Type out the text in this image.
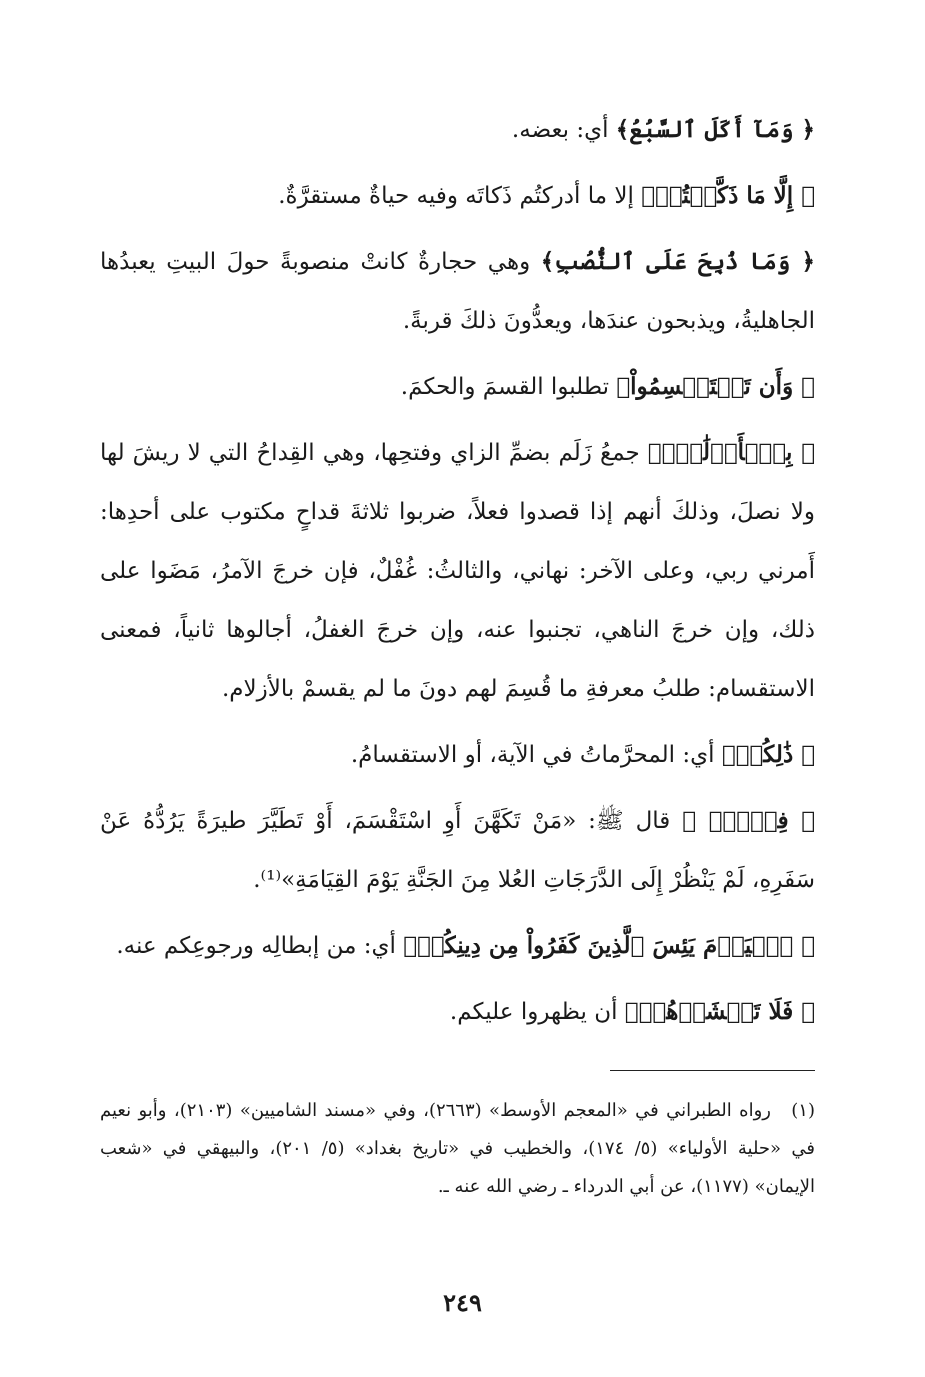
﴿ وَمَآ أَكَلَ ٱلسَّبُعُ﴾ أي: بعضه.

﴿ إِلَّا مَا ذَكَّيۡتُمۡ﴾ إلا ما أدركتُم ذَكاتَه وفيه حياةٌ مستقرَّةٌ.

﴿ وَمَا ذُبِحَ عَلَى ٱلنُّصُبِ﴾ وهي حجارةٌ كانتْ منصوبةً حولَ البيتِ يعبدُها الجاهليةُ، ويذبحون عندَها، ويعدُّونَ ذلكَ قربةً.

﴿ وَأَن تَسۡتَقۡسِمُواْ﴾ تطلبوا القسمَ والحكمَ.

﴿ بِٱلۡأَزۡلَٰمِۚ﴾ جمعُ زَلَم بضمِّ الزاي وفتحِها، وهي القِداحُ التي لا ريشَ لها ولا نصلَ، وذلكَ أنهم إذا قصدوا فعلاً، ضربوا ثلاثةَ قداحٍ مكتوب على أحدِها: أَمرني ربي، وعلى الآخر: نهاني، والثالثُ: غُفْلٌ، فإن خرجَ الآمرُ، مَضَوا على ذلك، وإن خرجَ الناهي، تجنبوا عنه، وإن خرجَ الغفلُ، أجالوها ثانياً، فمعنى الاستقسام: طلبُ معرفةِ ما قُسِمَ لهم دونَ ما لم يقسمْ بالأزلام.

﴿ ذَٰلِكُمۡ﴾ أي: المحرَّماتُ في الآية، أو الاستقسامُ.

﴿ فِسۡقٌۗ ﴾ قال ﷺ: «مَنْ تَكَهَّنَ أَوِ اسْتَقْسَمَ، أَوْ تَطَيَّرَ طيرَةً يَرُدُّهُ عَنْ سَفَرِهِ، لَمْ يَنْظُرْ إِلَى الدَّرَجَاتِ العُلا مِنَ الجَنَّةِ يَوْمَ القِيَامَةِ»⁽¹⁾.

﴿ ٱلۡيَوۡمَ يَئِسَ ٱلَّذِينَ كَفَرُواْ مِن دِينِكُمۡ﴾ أي: من إبطالِه ورجوعِكم عنه.

﴿ فَلَا تَخۡشَوۡهُمۡ﴾ أن يظهروا عليكم.

(١)رواه الطبراني في «المعجم الأوسط» (٢٦٦٣)، وفي «مسند الشاميين» (٢١٠٣)، وأبو نعيم في «حلية الأولياء» (٥/ ١٧٤)، والخطيب في «تاريخ بغداد» (٥/ ٢٠١)، والبيهقي في «شعب الإيمان» (١١٧٧)، عن أبي الدرداء ـ رضي الله عنه ـ.

٢٤٩
